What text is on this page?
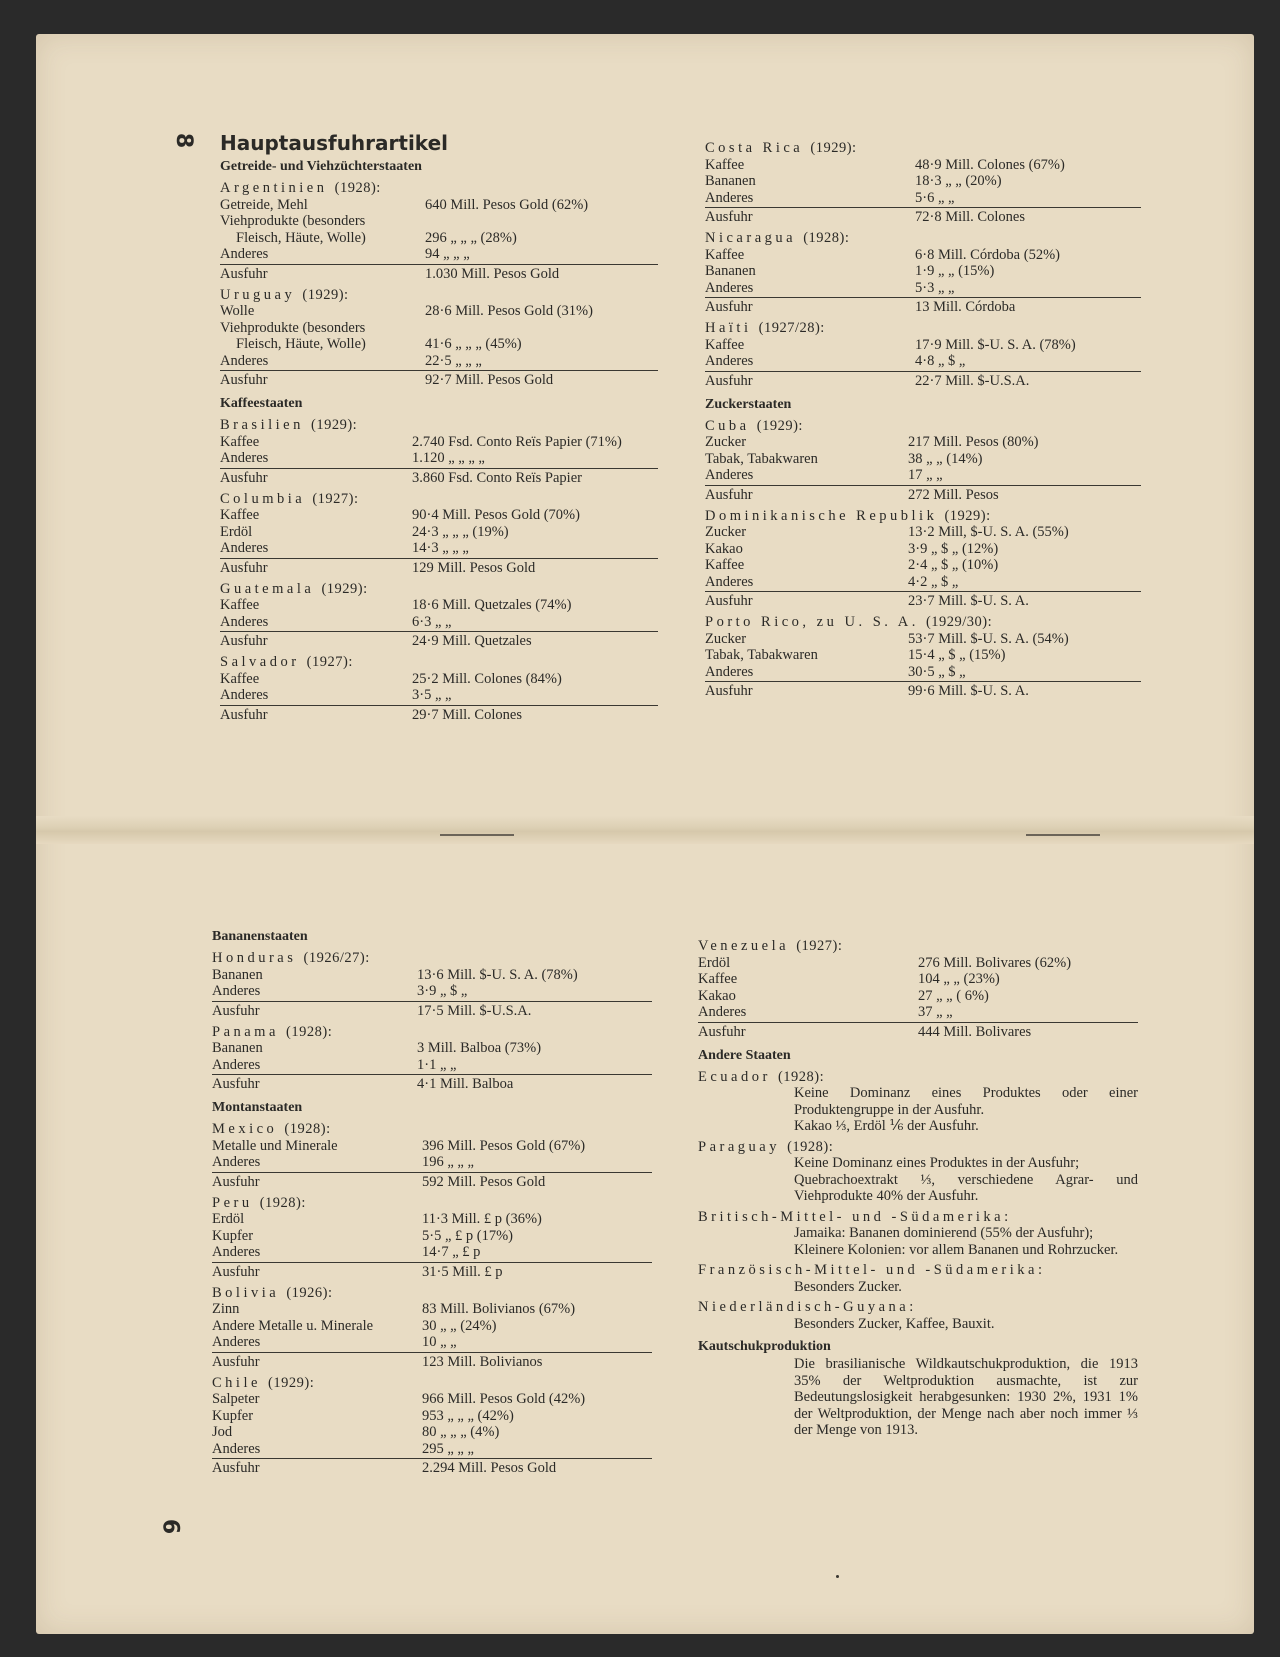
8
9
Hauptausfuhrartikel
Getreide- und Viehzüchterstaaten
Argentinien (1928):
Getreide, Mehl	640 Mill. Pesos Gold (62%)
Viehprodukte (besonders
Fleisch, Häute, Wolle)	296 „ „ „ (28%)
Anderes	94 „ „ „
Ausfuhr	1.030 Mill. Pesos Gold
Uruguay (1929):
Wolle	28·6 Mill. Pesos Gold (31%)
Viehprodukte (besonders
Fleisch, Häute, Wolle)	41·6 „ „ „ (45%)
Anderes	22·5 „ „ „
Ausfuhr	92·7 Mill. Pesos Gold
Kaffeestaaten
Brasilien (1929):
Kaffee	2.740 Fsd. Conto Reïs Papier (71%)
Anderes	1.120 „ „ „ „
Ausfuhr	3.860 Fsd. Conto Reïs Papier
Columbia (1927):
Kaffee	90·4 Mill. Pesos Gold (70%)
Erdöl	24·3 „ „ „ (19%)
Anderes	14·3 „ „ „
Ausfuhr	129 Mill. Pesos Gold
Guatemala (1929):
Kaffee	18·6 Mill. Quetzales (74%)
Anderes	6·3 „ „
Ausfuhr	24·9 Mill. Quetzales
Salvador (1927):
Kaffee	25·2 Mill. Colones (84%)
Anderes	3·5 „ „
Ausfuhr	29·7 Mill. Colones
Costa Rica (1929):
Kaffee	48·9 Mill. Colones (67%)
Bananen	18·3 „ „ (20%)
Anderes	5·6 „ „
Ausfuhr	72·8 Mill. Colones
Nicaragua (1928):
Kaffee	6·8 Mill. Córdoba (52%)
Bananen	1·9 „ „ (15%)
Anderes	5·3 „ „
Ausfuhr	13 Mill. Córdoba
Haïti (1927/28):
Kaffee	17·9 Mill. $-U. S. A. (78%)
Anderes	4·8 „ $ „
Ausfuhr	22·7 Mill. $-U.S.A.
Zuckerstaaten
Cuba (1929):
Zucker	217 Mill. Pesos (80%)
Tabak, Tabakwaren	38 „ „ (14%)
Anderes	17 „ „
Ausfuhr	272 Mill. Pesos
Dominikanische Republik (1929):
Zucker	13·2 Mill, $-U. S. A. (55%)
Kakao	3·9 „ $ „ (12%)
Kaffee	2·4 „ $ „ (10%)
Anderes	4·2 „ $ „
Ausfuhr	23·7 Mill. $-U. S. A.
Porto Rico, zu U. S. A. (1929/30):
Zucker	53·7 Mill. $-U. S. A. (54%)
Tabak, Tabakwaren	15·4 „ $ „ (15%)
Anderes	30·5 „ $ „
Ausfuhr	99·6 Mill. $-U. S. A.
Bananenstaaten
Honduras (1926/27):
Bananen	13·6 Mill. $-U. S. A. (78%)
Anderes	3·9 „ $ „
Ausfuhr	17·5 Mill. $-U.S.A.
Panama (1928):
Bananen	3 Mill. Balboa (73%)
Anderes	1·1 „ „
Ausfuhr	4·1 Mill. Balboa
Montanstaaten
Mexico (1928):
Metalle und Minerale	396 Mill. Pesos Gold (67%)
Anderes	196 „ „ „
Ausfuhr	592 Mill. Pesos Gold
Peru (1928):
Erdöl	11·3 Mill. £ p (36%)
Kupfer	5·5 „ £ p (17%)
Anderes	14·7 „ £ p
Ausfuhr	31·5 Mill. £ p
Bolivia (1926):
Zinn	83 Mill. Bolivianos (67%)
Andere Metalle u. Minerale	30 „ „ (24%)
Anderes	10 „ „
Ausfuhr	123 Mill. Bolivianos
Chile (1929):
Salpeter	966 Mill. Pesos Gold (42%)
Kupfer	953 „ „ „ (42%)
Jod	80 „ „ „ (4%)
Anderes	295 „ „ „
Ausfuhr	2.294 Mill. Pesos Gold
Venezuela (1927):
Erdöl	276 Mill. Bolivares (62%)
Kaffee	104 „ „ (23%)
Kakao	27 „ „ ( 6%)
Anderes	37 „ „
Ausfuhr	444 Mill. Bolivares
Andere Staaten
Ecuador (1928):
Keine Dominanz eines Produktes oder einer Produktengruppe in der Ausfuhr.
Kakao ⅓, Erdöl ⅙ der Ausfuhr.
Paraguay (1928):
Keine Dominanz eines Produktes in der Ausfuhr;
Quebrachoextrakt ⅓, verschiedene Agrar- und Viehprodukte 40% der Ausfuhr.
Britisch-Mittel- und -Südamerika:
Jamaika: Bananen dominierend (55% der Ausfuhr);
Kleinere Kolonien: vor allem Bananen und Rohrzucker.
Französisch-Mittel- und -Südamerika:
Besonders Zucker.
Niederländisch-Guyana:
Besonders Zucker, Kaffee, Bauxit.
Kautschukproduktion
Die brasilianische Wildkautschukproduktion, die 1913 35% der Weltproduktion ausmachte, ist zur Bedeutungslosigkeit herabgesunken: 1930 2%, 1931 1% der Weltproduktion, der Menge nach aber noch immer ⅓ der Menge von 1913.
